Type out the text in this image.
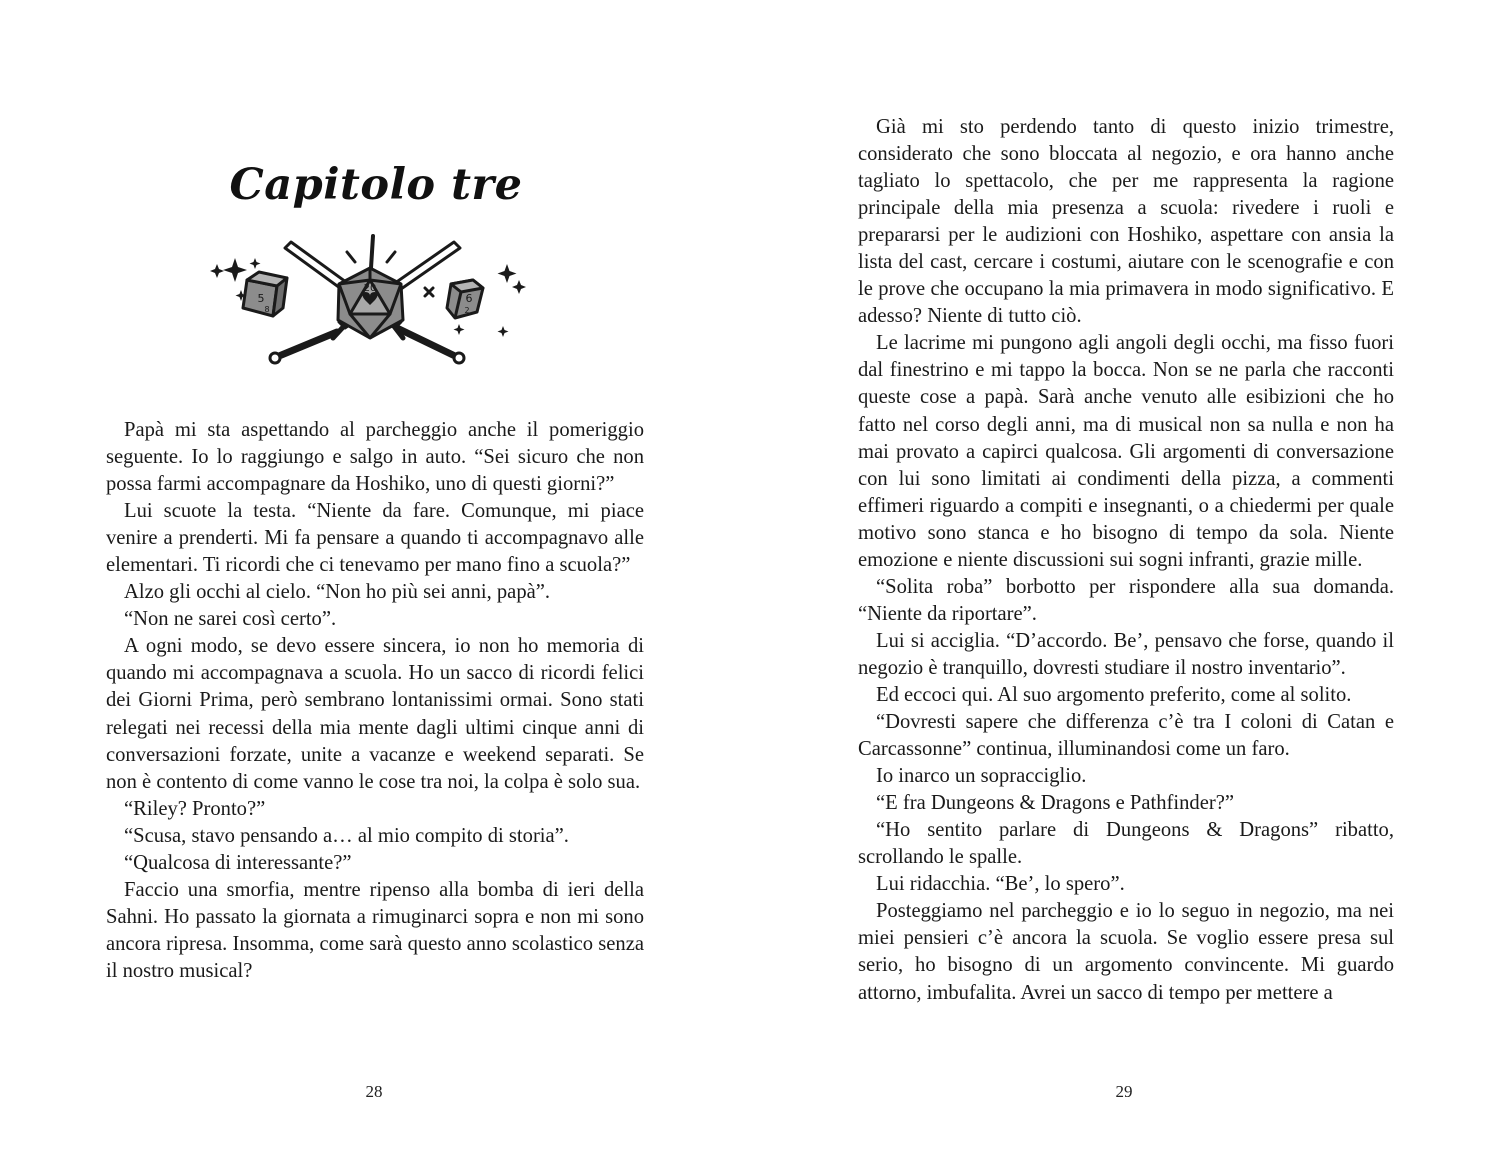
Capitolo tre
20
5
8
6
2

Papà mi sta aspettando al parcheggio anche il pomeriggio seguente. Io lo raggiungo e salgo in auto. “Sei sicuro che non possa farmi accompagnare da Hoshiko, uno di questi giorni?”

Lui scuote la testa. “Niente da fare. Comunque, mi piace venire a prenderti. Mi fa pensare a quando ti accompagnavo alle elementari. Ti ricordi che ci tenevamo per mano fino a scuola?”

Alzo gli occhi al cielo. “Non ho più sei anni, papà”.

“Non ne sarei così certo”.

A ogni modo, se devo essere sincera, io non ho memoria di quando mi accompagnava a scuola. Ho un sacco di ricordi felici dei Giorni Prima, però sembrano lontanissimi ormai. Sono stati relegati nei recessi della mia mente dagli ultimi cinque anni di conversazioni forzate, unite a vacanze e weekend separati. Se non è contento di come vanno le cose tra noi, la colpa è solo sua.

“Riley? Pronto?”

“Scusa, stavo pensando a… al mio compito di storia”.

“Qualcosa di interessante?”

Faccio una smorfia, mentre ripenso alla bomba di ieri della Sahni. Ho passato la giornata a rimuginarci sopra e non mi sono ancora ripresa. Insomma, come sarà questo anno scolastico senza il nostro musical?

28

Già mi sto perdendo tanto di questo inizio trimestre, considerato che sono bloccata al negozio, e ora hanno anche tagliato lo spettacolo, che per me rappresenta la ragione principale della mia presenza a scuola: rivedere i ruoli e prepararsi per le audizioni con Hoshiko, aspettare con ansia la lista del cast, cercare i costumi, aiutare con le scenografie e con le prove che occupano la mia primavera in modo significativo. E adesso? Niente di tutto ciò.

Le lacrime mi pungono agli angoli degli occhi, ma fisso fuori dal finestrino e mi tappo la bocca. Non se ne parla che racconti queste cose a papà. Sarà anche venuto alle esibizioni che ho fatto nel corso degli anni, ma di musical non sa nulla e non ha mai provato a capirci qualcosa. Gli argomenti di conversazione con lui sono limitati ai condimenti della pizza, a commenti effimeri riguardo a compiti e insegnanti, o a chiedermi per quale motivo sono stanca e ho bisogno di tempo da sola. Niente emozione e niente discussioni sui sogni infranti, grazie mille.

“Solita roba” borbotto per rispondere alla sua domanda. “Niente da riportare”.

Lui si acciglia. “D’accordo. Be’, pensavo che forse, quando il negozio è tranquillo, dovresti studiare il nostro inventario”.

Ed eccoci qui. Al suo argomento preferito, come al solito.

“Dovresti sapere che differenza c’è tra I coloni di Catan e Carcassonne” continua, illuminandosi come un faro.

Io inarco un sopracciglio.

“E fra Dungeons & Dragons e Pathfinder?”

“Ho sentito parlare di Dungeons & Dragons” ribatto, scrollando le spalle.

Lui ridacchia. “Be’, lo spero”.

Posteggiamo nel parcheggio e io lo seguo in negozio, ma nei miei pensieri c’è ancora la scuola. Se voglio essere presa sul serio, ho bisogno di un argomento convincente. Mi guardo attorno, imbufalita. Avrei un sacco di tempo per mettere a

29
